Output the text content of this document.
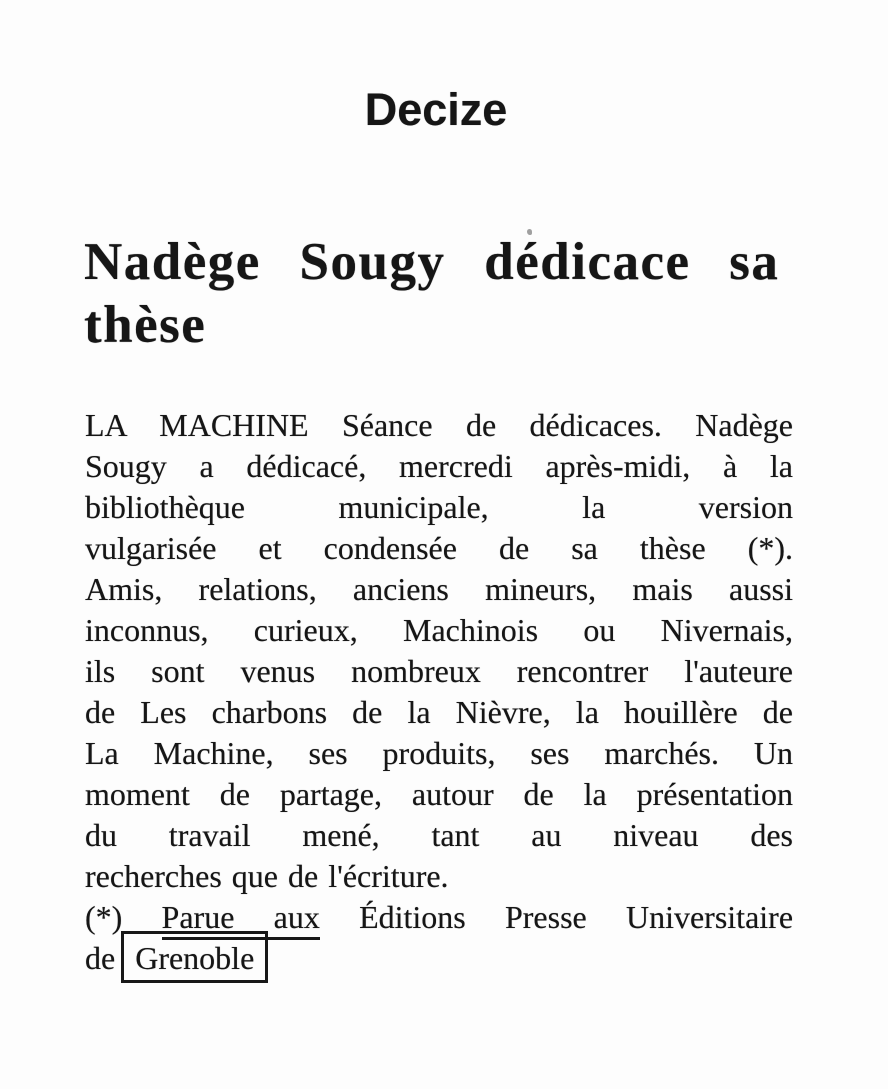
Decize
Nadège Sougy dédicace sa
thèse
LA MACHINE Séance de dédicaces. Nadège
Sougy a dédicacé, mercredi après-midi, à la
bibliothèque municipale, la version
vulgarisée et condensée de sa thèse (*).
Amis, relations, anciens mineurs, mais aussi
inconnus, curieux, Machinois ou Nivernais,
ils sont venus nombreux rencontrer l'auteure
de Les charbons de la Nièvre, la houillère de
La Machine, ses produits, ses marchés. Un
moment de partage, autour de la présentation
du travail mené, tant au niveau des
recherches que de l'écriture.
(*) Parue aux Éditions Presse Universitaire
de Grenoble
